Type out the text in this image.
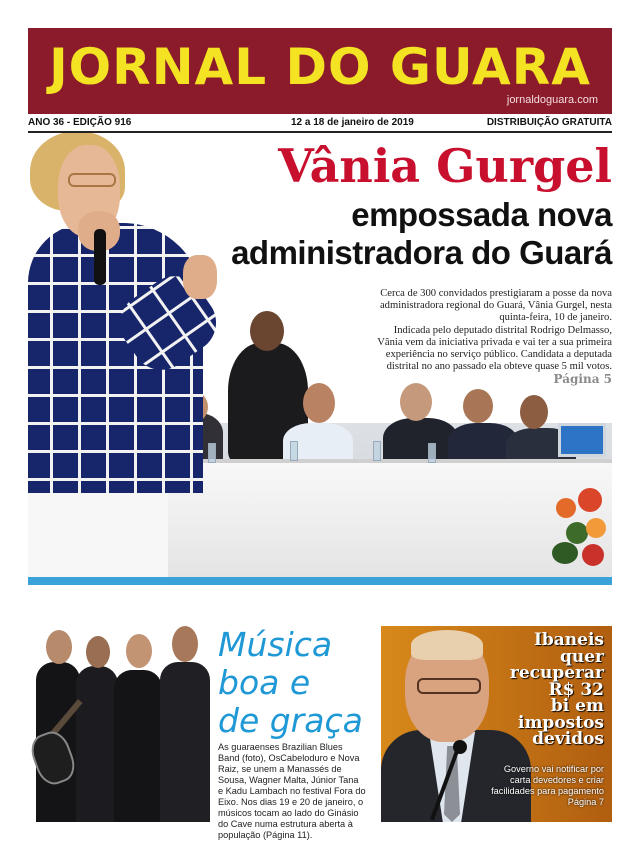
JORNAL DO GUARA
jornaldoguara.com
ANO 36 - EDIÇÃO 916	12 a 18 de janeiro de 2019	DISTRIBUIÇÃO GRATUITA
Vânia Gurgel
empossada nova
administradora do Guará

Cerca de 300 convidados prestigiaram a posse da nova administradora regional do Guará, Vânia Gurgel, nesta quinta-feira, 10 de janeiro.

Indicada pelo deputado distrital Rodrigo Delmasso, Vânia vem da iniciativa privada e vai ter a sua primeira experiência no serviço público. Candidata a deputada distrital no ano passado ela obteve quase 5 mil votos.

Página 5
Música
boa e
de graça
As guaraenses Brazilian Blues Band (foto), OsCabeloduro e Nova Raiz, se unem a Manassés de Sousa, Wagner Malta, Júnior Tana e Kadu Lambach no festival Fora do Eixo. Nos dias 19 e 20 de janeiro, o músicos tocam ao lado do Ginásio do Cave numa estrutura aberta à população (Página 11).
Ibaneis
quer
recuperar
R$ 32
bi em
impostos
devidos
Governo vai notificar por carta devedores e criar facilidades para pagamento
Página 7
